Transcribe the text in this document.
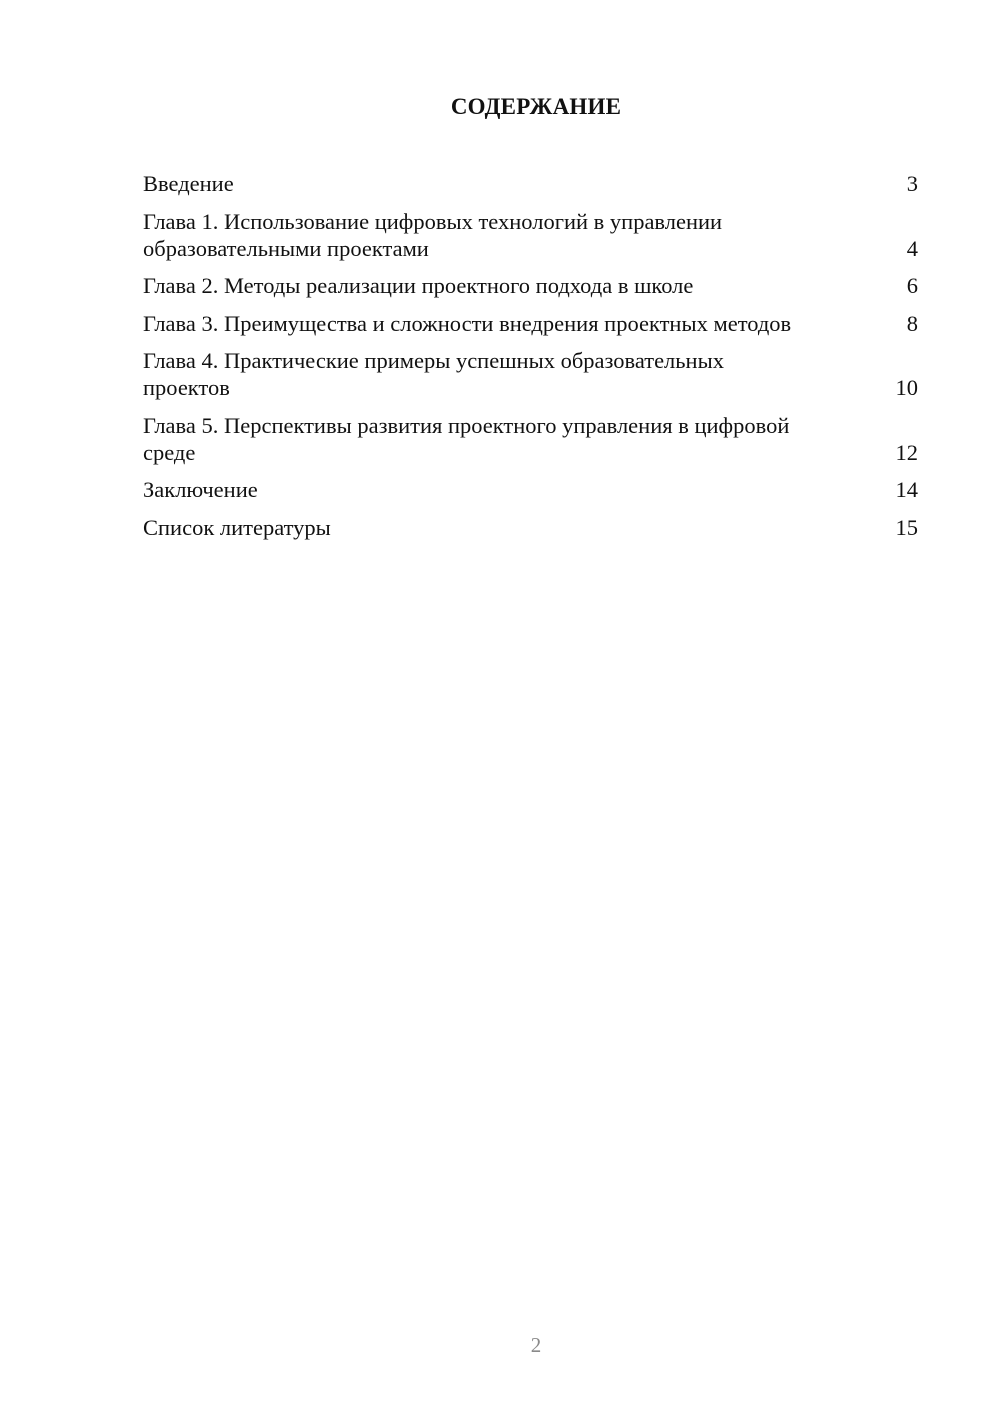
СОДЕРЖАНИЕ
Введение	3
Глава 1. Использование цифровых технологий в управлении образовательными проектами	4
Глава 2. Методы реализации проектного подхода в школе	6
Глава 3. Преимущества и сложности внедрения проектных методов	8
Глава 4. Практические примеры успешных образовательных проектов	10
Глава 5. Перспективы развития проектного управления в цифровой среде	12
Заключение	14
Список литературы	15
2
